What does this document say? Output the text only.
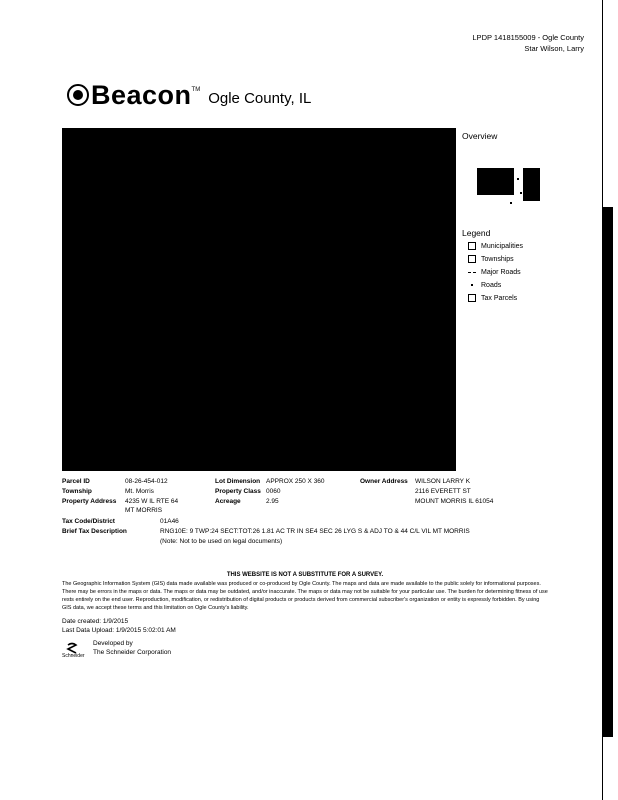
LPDP 1418155009 - Ogle County
Star Wilson, Larry
Beacon TM Ogle County, IL
Overview
Legend
Municipalities
Townships
Major Roads
Roads
Tax Parcels
Parcel ID	08-26-454-012
Township	Mt. Morris
Property Address 4235 W IL RTE 64
MT MORRIS
Tax Code/District	01A46
Brief Tax Description	RNG10E: 9 TWP:24 SECT:TOT:26 1.81 AC TR IN SE4 SEC 26 LYG S & ADJ TO & 44 C/L VIL MT MORRIS
(Note: Not to be used on legal documents)
Lot Dimension APPROX 250 X 360
Property Class 0060
Acreage	2.95
Owner Address WILSON LARRY K
2116 EVERETT ST
MOUNT MORRIS IL 61054
THIS WEBSITE IS NOT A SUBSTITUTE FOR A SURVEY.
The Geographic Information System (GIS) data made available was produced or co-produced by Ogle County. The maps and data are made available to the public solely for informational purposes. There may be errors in the maps or data. The maps or data may be outdated, and/or inaccurate. The maps or data may not be suitable for your particular use. The burden for determining fitness of use rests entirely on the end user. Reproduction, modification, or redistribution of digital products or products derived from commercial subscriber's organization or entity is expressly forbidden. By using GIS data, we accept these terms and this limitation on Ogle County's liability.
Date created: 1/9/2015
Last Data Upload: 1/9/2015 5:02:01 AM
Schneider
Developed by
The Schneider Corporation
